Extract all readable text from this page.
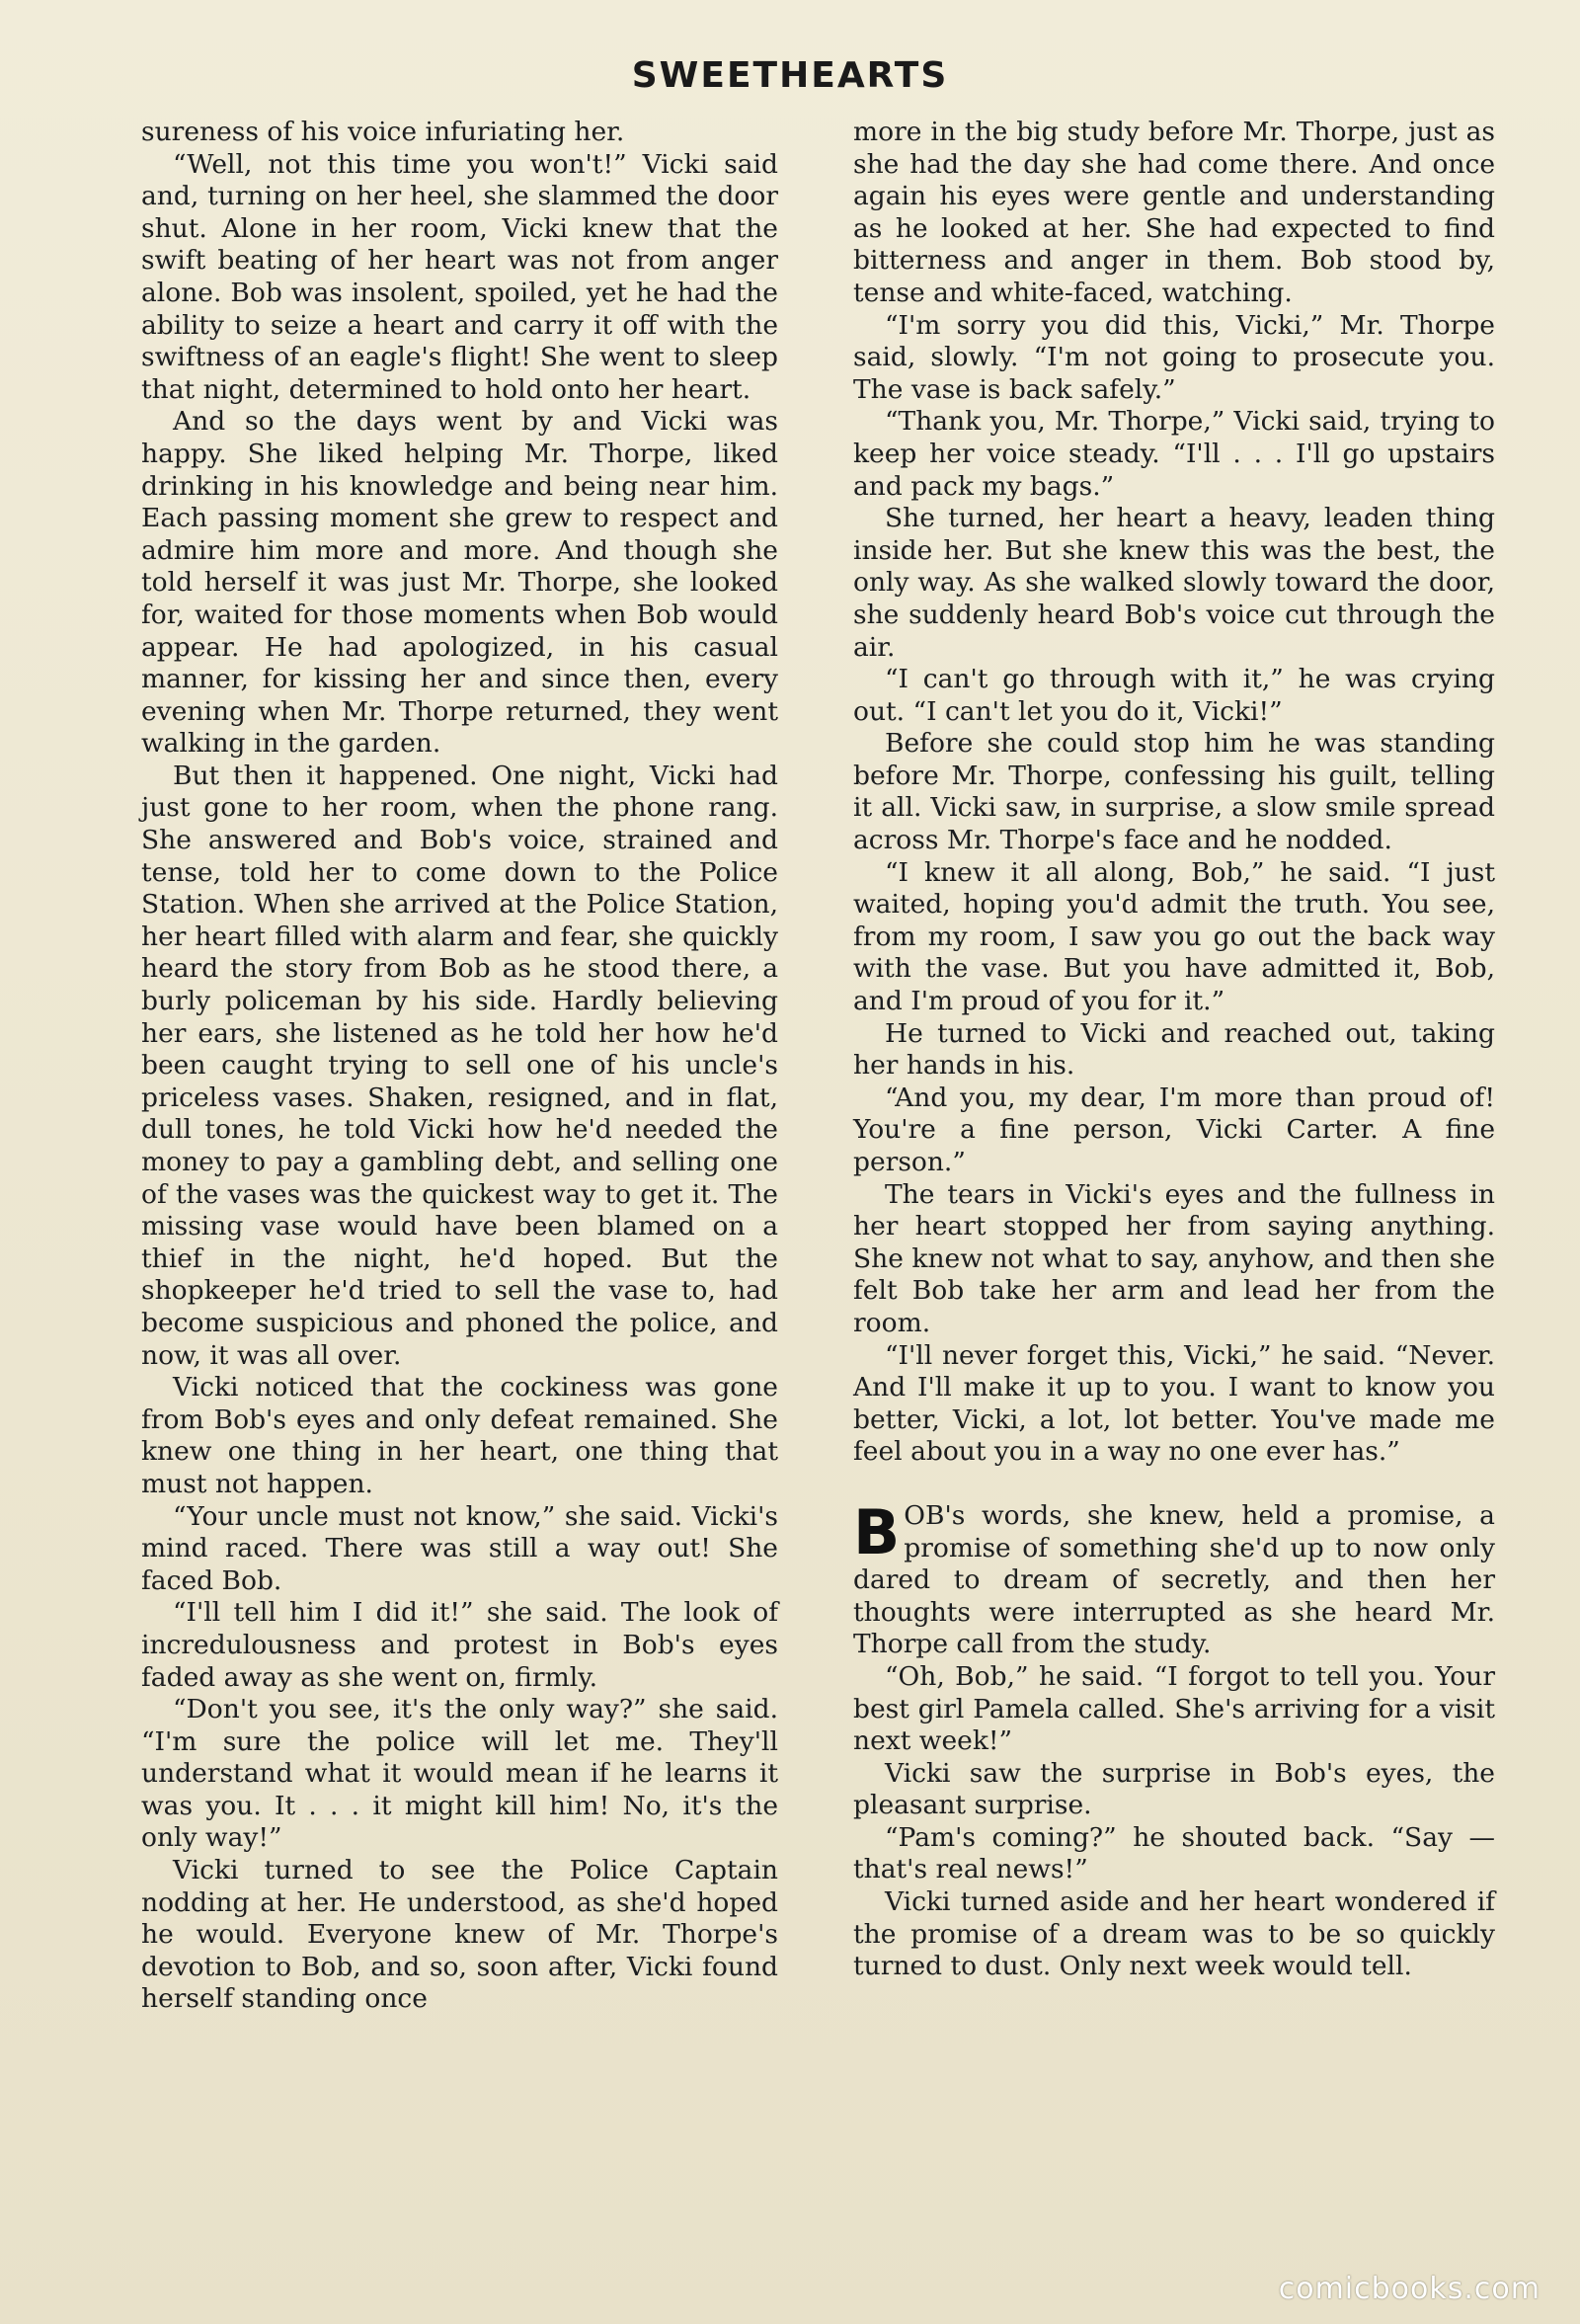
SWEETHEARTS

sureness of his voice infuriating her.

“Well, not this time you won't!” Vicki said and, turning on her heel, she slammed the door shut. Alone in her room, Vicki knew that the swift beating of her heart was not from anger alone. Bob was insolent, spoiled, yet he had the ability to seize a heart and carry it off with the swiftness of an eagle's flight! She went to sleep that night, determined to hold onto her heart.

And so the days went by and Vicki was happy. She liked helping Mr. Thorpe, liked drinking in his knowledge and being near him. Each passing moment she grew to respect and admire him more and more. And though she told herself it was just Mr. Thorpe, she looked for, waited for those moments when Bob would appear. He had apologized, in his casual manner, for kissing her and since then, every evening when Mr. Thorpe returned, they went walking in the garden.

But then it happened. One night, Vicki had just gone to her room, when the phone rang. She answered and Bob's voice, strained and tense, told her to come down to the Police Station. When she arrived at the Police Station, her heart filled with alarm and fear, she quickly heard the story from Bob as he stood there, a burly policeman by his side. Hardly believing her ears, she listened as he told her how he'd been caught trying to sell one of his uncle's priceless vases. Shaken, resigned, and in flat, dull tones, he told Vicki how he'd needed the money to pay a gambling debt, and selling one of the vases was the quickest way to get it. The missing vase would have been blamed on a thief in the night, he'd hoped. But the shopkeeper he'd tried to sell the vase to, had become suspicious and phoned the police, and now, it was all over.

Vicki noticed that the cockiness was gone from Bob's eyes and only defeat remained. She knew one thing in her heart, one thing that must not happen.

“Your uncle must not know,” she said. Vicki's mind raced. There was still a way out! She faced Bob.

“I'll tell him I did it!” she said. The look of incredulousness and protest in Bob's eyes faded away as she went on, firmly.

“Don't you see, it's the only way?” she said. “I'm sure the police will let me. They'll understand what it would mean if he learns it was you. It . . . it might kill him! No, it's the only way!”

Vicki turned to see the Police Captain nodding at her. He understood, as she'd hoped he would. Everyone knew of Mr. Thorpe's devotion to Bob, and so, soon after, Vicki found herself standing once

more in the big study before Mr. Thorpe, just as she had the day she had come there. And once again his eyes were gentle and understanding as he looked at her. She had expected to find bitterness and anger in them. Bob stood by, tense and white-faced, watching.

“I'm sorry you did this, Vicki,” Mr. Thorpe said, slowly. “I'm not going to prosecute you. The vase is back safely.”

“Thank you, Mr. Thorpe,” Vicki said, trying to keep her voice steady. “I'll . . . I'll go upstairs and pack my bags.”

She turned, her heart a heavy, leaden thing inside her. But she knew this was the best, the only way. As she walked slowly toward the door, she suddenly heard Bob's voice cut through the air.

“I can't go through with it,” he was crying out. “I can't let you do it, Vicki!”

Before she could stop him he was standing before Mr. Thorpe, confessing his guilt, telling it all. Vicki saw, in surprise, a slow smile spread across Mr. Thorpe's face and he nodded.

“I knew it all along, Bob,” he said. “I just waited, hoping you'd admit the truth. You see, from my room, I saw you go out the back way with the vase. But you have admitted it, Bob, and I'm proud of you for it.”

He turned to Vicki and reached out, taking her hands in his.

“And you, my dear, I'm more than proud of! You're a fine person, Vicki Carter. A fine person.”

The tears in Vicki's eyes and the fullness in her heart stopped her from saying anything. She knew not what to say, anyhow, and then she felt Bob take her arm and lead her from the room.

“I'll never forget this, Vicki,” he said. “Never. And I'll make it up to you. I want to know you better, Vicki, a lot, lot better. You've made me feel about you in a way no one ever has.”

BOB's words, she knew, held a promise, a promise of something she'd up to now only dared to dream of secretly, and then her thoughts were interrupted as she heard Mr. Thorpe call from the study.

“Oh, Bob,” he said. “I forgot to tell you. Your best girl Pamela called. She's arriving for a visit next week!”

Vicki saw the surprise in Bob's eyes, the pleasant surprise.

“Pam's coming?” he shouted back. “Say —that's real news!”

Vicki turned aside and her heart wondered if the promise of a dream was to be so quickly turned to dust. Only next week would tell.

comicbooks.com
